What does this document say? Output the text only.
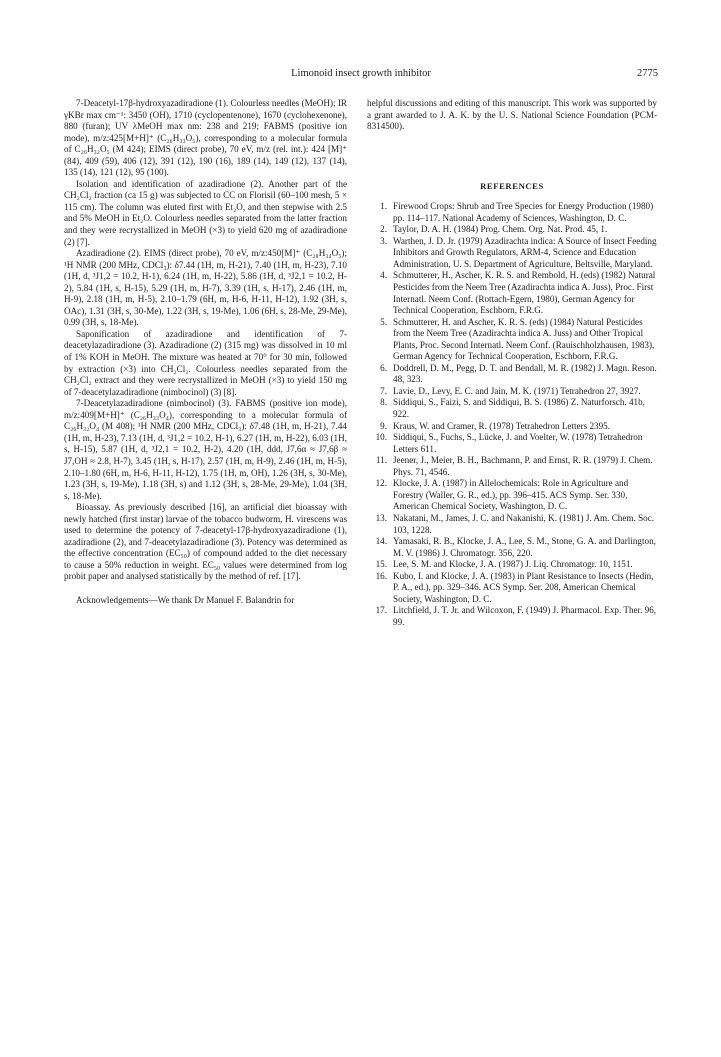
Limonoid insect growth inhibitor	2775

7-Deacetyl-17β-hydroxyazadiradione (1). Colourless needles (MeOH); IR γKBr max cm⁻¹: 3450 (OH), 1710 (cyclopentenone), 1670 (cyclohexenone), 880 (furan); UV λMeOH max nm: 238 and 219; FABMS (positive ion mode), m/z:425[M+H]⁺ (C₂₆H₃₃O₅), corresponding to a molecular formula of C₂₆H₃₂O₅ (M 424); EIMS (direct probe), 70 eV, m/z (rel. int.): 424 [M]⁺ (84), 409 (59), 406 (12), 391 (12), 190 (16), 189 (14), 149 (12), 137 (14), 135 (14), 121 (12), 95 (100).

Isolation and identification of azadiradione (2). Another part of the CH₂Cl₂ fraction (ca 15 g) was subjected to CC on Florisil (60–100 mesh, 5 × 115 cm). The column was eluted first with Et₂O, and then stepwise with 2.5 and 5% MeOH in Et₂O. Colourless needles separated from the latter fraction and they were recrystallized in MeOH (×3) to yield 620 mg of azadiradione (2) [7].

Azadiradione (2). EIMS (direct probe), 70 eV, m/z:450[M]⁺ (C₂₈H₃₄O₅); ¹H NMR (200 MHz, CDCl₃): δ7.44 (1H, m, H-21), 7.40 (1H, m, H-23), 7.10 (1H, d, ³J1,2 = 10.2, H-1), 6.24 (1H, m, H-22), 5.86 (1H, d, ³J2,1 = 10.2, H-2), 5.84 (1H, s, H-15), 5.29 (1H, m, H-7), 3.39 (1H, s, H-17), 2.46 (1H, m, H-9), 2.18 (1H, m, H-5), 2.10–1.79 (6H, m, H-6, H-11, H-12), 1.92 (3H, s, OAc), 1.31 (3H, s, 30-Me), 1.22 (3H, s, 19-Me), 1.06 (6H, s, 28-Me, 29-Me), 0.99 (3H, s, 18-Me).

Saponification of azadiradione and identification of 7-deacetylazadiradione (3). Azadiradione (2) (315 mg) was dissolved in 10 ml of 1% KOH in MeOH. The mixture was heated at 70° for 30 min, followed by extraction (×3) into CH₂Cl₂. Colourless needles separated from the CH₂Cl₂ extract and they were recrystallized in MeOH (×3) to yield 150 mg of 7-deacetylazadiradione (nimbocinol) (3) [8].

7-Deacetylazadiradione (nimbocinol) (3). FABMS (positive ion mode), m/z:409[M+H]⁺ (C₂₆H₃₃O₄), corresponding to a molecular formula of C₂₆H₃₂O₄ (M 408); ¹H NMR (200 MHz, CDCl₃): δ7.48 (1H, m, H-21), 7.44 (1H, m, H-23), 7.13 (1H, d, ³J1,2 = 10.2, H-1), 6.27 (1H, m, H-22), 6.03 (1H, s, H-15), 5.87 (1H, d, ³J2,1 = 10.2, H-2), 4.20 (1H, ddd, J7,6α ≈ J7,6β ≈ J7,OH ≈ 2.8, H-7), 3.45 (1H, s, H-17), 2.57 (1H, m, H-9), 2.46 (1H, m, H-5), 2.10–1.80 (6H, m, H-6, H-11, H-12), 1.75 (1H, m, OH), 1.26 (3H, s, 30-Me), 1.23 (3H, s, 19-Me), 1.18 (3H, s) and 1.12 (3H, s, 28-Me, 29-Me), 1.04 (3H, s, 18-Me).

Bioassay. As previously described [16], an artificial diet bioassay with newly hatched (first instar) larvae of the tobacco budworm, H. virescens was used to determine the potency of 7-deacetyl-17β-hydroxyazadiradione (1), azadiradione (2), and 7-deacetylazadiradione (3). Potency was determined as the effective concentration (EC₅₀) of compound added to the diet necessary to cause a 50% reduction in weight. EC₅₀ values were determined from log probit paper and analysed statistically by the method of ref. [17].

Acknowledgements—We thank Dr Manuel F. Balandrin for

helpful discussions and editing of this manuscript. This work was supported by a grant awarded to J. A. K. by the U. S. National Science Foundation (PCM-8314500).

REFERENCES
1. Firewood Crops: Shrub and Tree Species for Energy Production (1980) pp. 114–117. National Academy of Sciences, Washington, D. C.
2. Taylor, D. A. H. (1984) Prog. Chem. Org. Nat. Prod. 45, 1.
3. Warthen, J. D. Jr. (1979) Azadirachta indica: A Source of Insect Feeding Inhibitors and Growth Regulators, ARM-4, Science and Education Administration, U. S. Department of Agriculture, Beltsville, Maryland.
4. Schmutterer, H., Ascher, K. R. S. and Rembold, H. (eds) (1982) Natural Pesticides from the Neem Tree (Azadirachta indica A. Juss), Proc. First Internatl. Neem Conf. (Rottach-Egern, 1980), German Agency for Technical Cooperation, Eschborn, F.R.G.
5. Schmutterer, H. and Ascher, K. R. S. (eds) (1984) Natural Pesticides from the Neem Tree (Azadirachta indica A. Juss) and Other Tropical Plants, Proc. Second Internatl. Neem Conf. (Rauischholzhausen, 1983), German Agency for Technical Cooperation, Eschborn, F.R.G.
6. Doddrell, D. M., Pegg, D. T. and Bendall, M. R. (1982) J. Magn. Reson. 48, 323.
7. Lavie, D., Levy, E. C. and Jain, M. K. (1971) Tetrahedron 27, 3927.
8. Siddiqui, S., Faizi, S. and Siddiqui, B. S. (1986) Z. Naturforsch. 41b, 922.
9. Kraus, W. and Cramer, R. (1978) Tetrahedron Letters 2395.
10. Siddiqui, S., Fuchs, S., Lücke, J. and Voelter, W. (1978) Tetrahedron Letters 611.
11. Jeener, J., Meier, B. H., Bachmann, P. and Ernst, R. R. (1979) J. Chem. Phys. 71, 4546.
12. Klocke, J. A. (1987) in Allelochemicals: Role in Agriculture and Forestry (Waller, G. R., ed.), pp. 396–415. ACS Symp. Ser. 330, American Chemical Society, Washington, D. C.
13. Nakatani, M., James, J. C. and Nakanishi, K. (1981) J. Am. Chem. Soc. 103, 1228.
14. Yamasaki, R. B., Klocke, J. A., Lee, S. M., Stone, G. A. and Darlington, M. V. (1986) J. Chromatogr. 356, 220.
15. Lee, S. M. and Klocke, J. A. (1987) J. Liq. Chromatogr. 10, 1151.
16. Kubo, I. and Klocke, J. A. (1983) in Plant Resistance to Insects (Hedin, P. A., ed.), pp. 329–346. ACS Symp. Ser. 208, American Chemical Society, Washington, D. C.
17. Litchfield, J. T. Jr. and Wilcoxon, F. (1949) J. Pharmacol. Exp. Ther. 96, 99.
